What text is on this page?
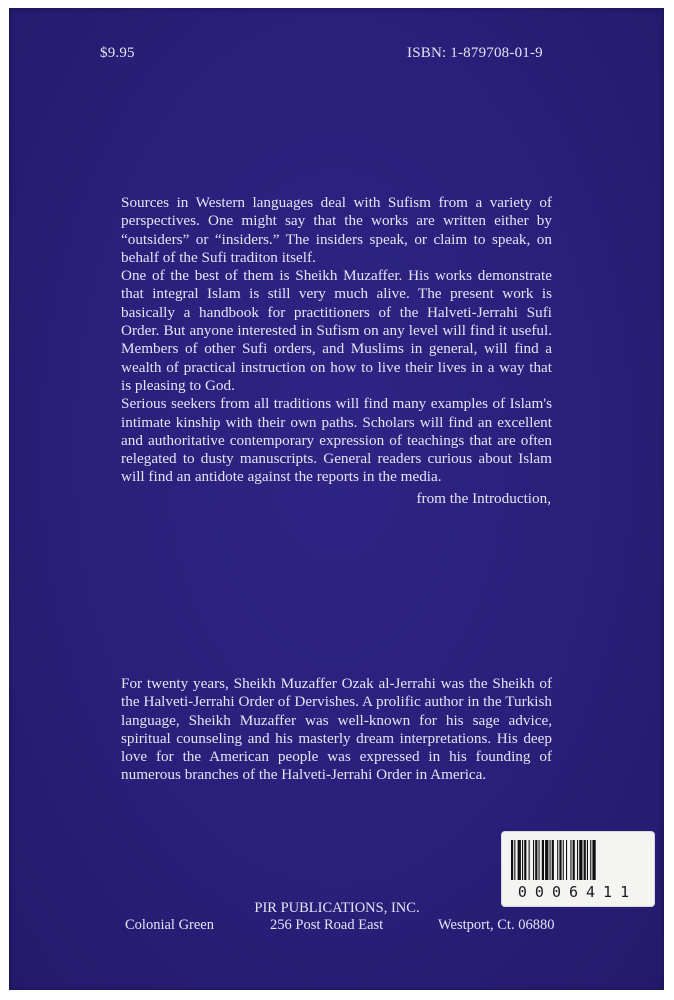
$9.95	ISBN: 1-879708-01-9

Sources in Western languages deal with Sufism from a variety of perspectives. One might say that the works are written either by “outsiders” or “insiders.” The insiders speak, or claim to speak, on behalf of the Sufi traditon itself.

One of the best of them is Sheikh Muzaffer. His works demonstrate that integral Islam is still very much alive. The present work is basically a handbook for practitioners of the Halveti-Jerrahi Sufi Order. But anyone interested in Sufism on any level will find it useful. Members of other Sufi orders, and Muslims in general, will find a wealth of practical instruction on how to live their lives in a way that is pleasing to God.

Serious seekers from all traditions will find many examples of Islam's intimate kinship with their own paths. Scholars will find an excellent and authoritative contemporary expression of teachings that are often relegated to dusty manuscripts. General readers curious about Islam will find an antidote against the reports in the media.

from the Introduction,

For twenty years, Sheikh Muzaffer Ozak al-Jerrahi was the Sheikh of the Halveti-Jerrahi Order of Dervishes. A prolific author in the Turkish language, Sheikh Muzaffer was well-known for his sage advice, spiritual counseling and his masterly dream interpretations. His deep love for the American people was expressed in his founding of numerous branches of the Halveti-Jerrahi Order in America.

0006411
PIR PUBLICATIONS, INC.
Colonial Green	256 Post Road East	Westport, Ct. 06880
